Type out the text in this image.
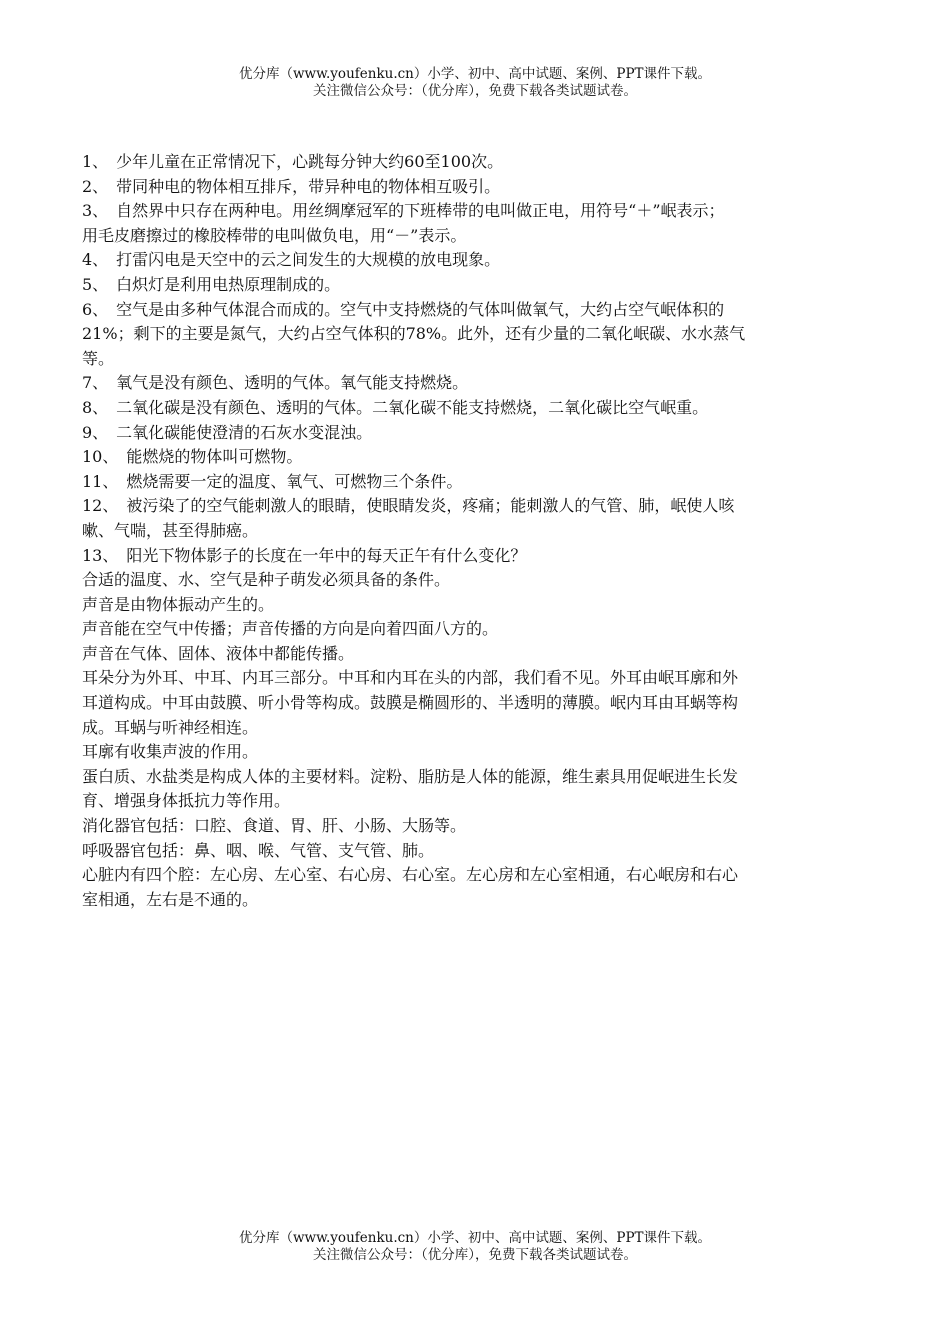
优分库（www.youfenku.cn）小学、初中、高中试题、案例、PPT课件下载。
关注微信公众号：（优分库），免费下载各类试题试卷。

1、　少年儿童在正常情况下，心跳每分钟大约60至100次。

2、　带同种电的物体相互排斥，带异种电的物体相互吸引。

3、　自然界中只存在两种电。用丝绸摩冠军的下班棒带的电叫做正电，用符号“＋”岷表示；

用毛皮磨擦过的橡胶棒带的电叫做负电，用“－”表示。

4、　打雷闪电是天空中的云之间发生的大规模的放电现象。

5、　白炽灯是利用电热原理制成的。

6、　空气是由多种气体混合而成的。空气中支持燃烧的气体叫做氧气，大约占空气岷体积的

21%；剩下的主要是氮气，大约占空气体积的78%。此外，还有少量的二氧化岷碳、水水蒸气

等。

7、　氧气是没有颜色、透明的气体。氧气能支持燃烧。

8、　二氧化碳是没有颜色、透明的气体。二氧化碳不能支持燃烧，二氧化碳比空气岷重。

9、　二氧化碳能使澄清的石灰水变混浊。

10、　能燃烧的物体叫可燃物。

11、　燃烧需要一定的温度、氧气、可燃物三个条件。

12、　被污染了的空气能刺激人的眼睛，使眼睛发炎，疼痛；能刺激人的气管、肺，岷使人咳

嗽、气喘，甚至得肺癌。

13、　阳光下物体影子的长度在一年中的每天正午有什么变化？

合适的温度、水、空气是种子萌发必须具备的条件。

声音是由物体振动产生的。

声音能在空气中传播；声音传播的方向是向着四面八方的。

声音在气体、固体、液体中都能传播。

耳朵分为外耳、中耳、内耳三部分。中耳和内耳在头的内部，我们看不见。外耳由岷耳廓和外

耳道构成。中耳由鼓膜、听小骨等构成。鼓膜是椭圆形的、半透明的薄膜。岷内耳由耳蜗等构

成。耳蜗与听神经相连。

耳廓有收集声波的作用。

蛋白质、水盐类是构成人体的主要材料。淀粉、脂肪是人体的能源，维生素具用促岷进生长发

育、增强身体抵抗力等作用。

消化器官包括：口腔、食道、胃、肝、小肠、大肠等。

呼吸器官包括：鼻、咽、喉、气管、支气管、肺。

心脏内有四个腔：左心房、左心室、右心房、右心室。左心房和左心室相通，右心岷房和右心

室相通，左右是不通的。

优分库（www.youfenku.cn）小学、初中、高中试题、案例、PPT课件下载。
关注微信公众号：（优分库），免费下载各类试题试卷。
